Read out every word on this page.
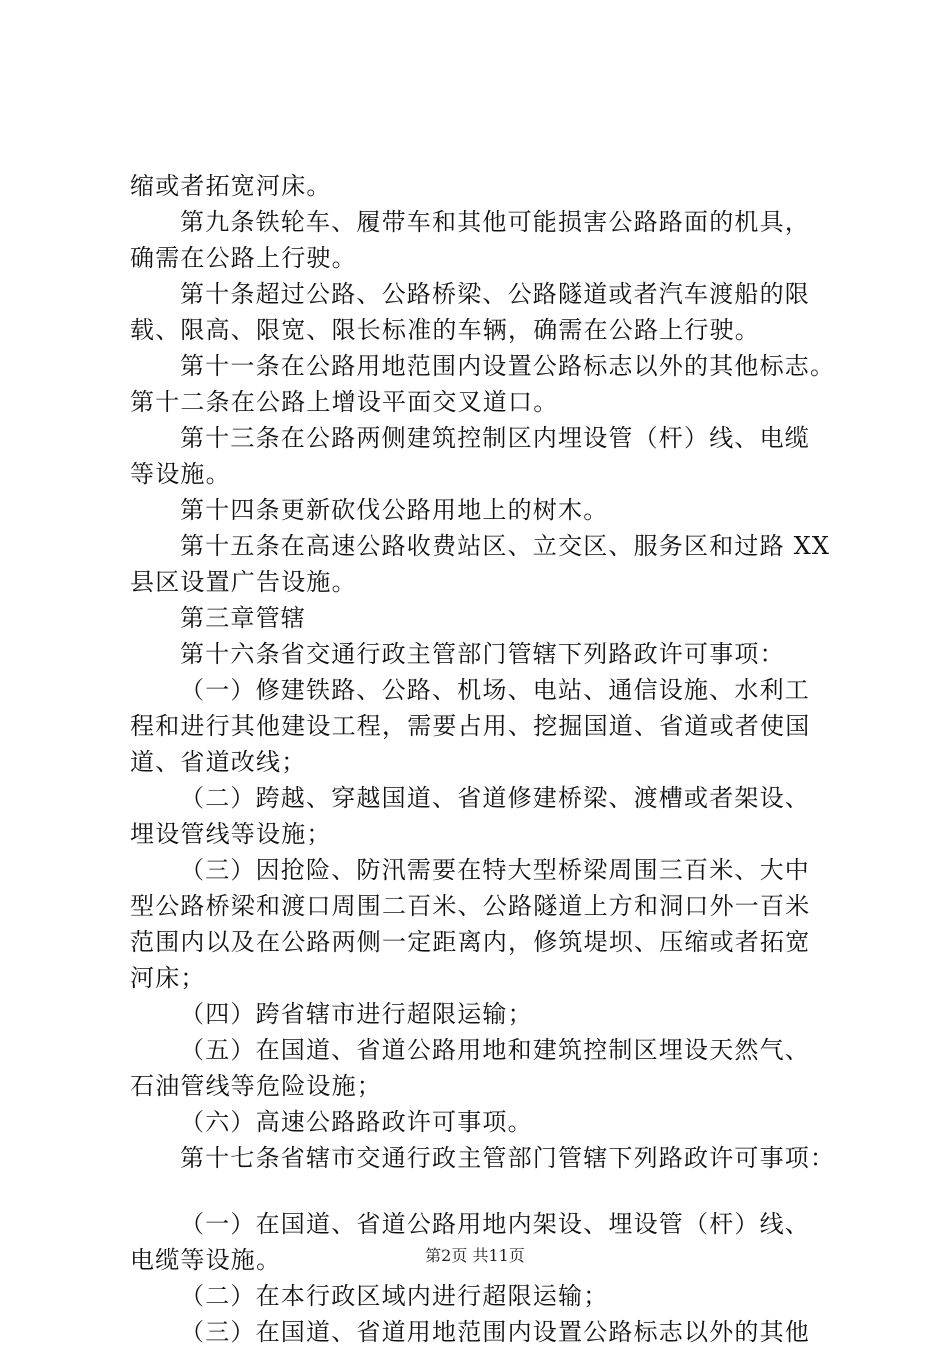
缩或者拓宽河床。
第九条铁轮车、履带车和其他可能损害公路路面的机具，
确需在公路上行驶。
第十条超过公路、公路桥梁、公路隧道或者汽车渡船的限
载、限高、限宽、限长标准的车辆，确需在公路上行驶。
第十一条在公路用地范围内设置公路标志以外的其他标志。
第十二条在公路上增设平面交叉道口。
第十三条在公路两侧建筑控制区内埋设管（杆）线、电缆
等设施。
第十四条更新砍伐公路用地上的树木。
第十五条在高速公路收费站区、立交区、服务区和过路 XX
县区设置广告设施。
第三章管辖
第十六条省交通行政主管部门管辖下列路政许可事项：
（一）修建铁路、公路、机场、电站、通信设施、水利工
程和进行其他建设工程，需要占用、挖掘国道、省道或者使国
道、省道改线；
（二）跨越、穿越国道、省道修建桥梁、渡槽或者架设、
埋设管线等设施；
（三）因抢险、防汛需要在特大型桥梁周围三百米、大中
型公路桥梁和渡口周围二百米、公路隧道上方和洞口外一百米
范围内以及在公路两侧一定距离内，修筑堤坝、压缩或者拓宽
河床；
（四）跨省辖市进行超限运输；
（五）在国道、省道公路用地和建筑控制区埋设天然气、
石油管线等危险设施；
（六）高速公路路政许可事项。
第十七条省辖市交通行政主管部门管辖下列路政许可事项：
（一）在国道、省道公路用地内架设、埋设管（杆）线、
电缆等设施。
（二）在本行政区域内进行超限运输；
（三）在国道、省道用地范围内设置公路标志以外的其他
第2页 共11页
